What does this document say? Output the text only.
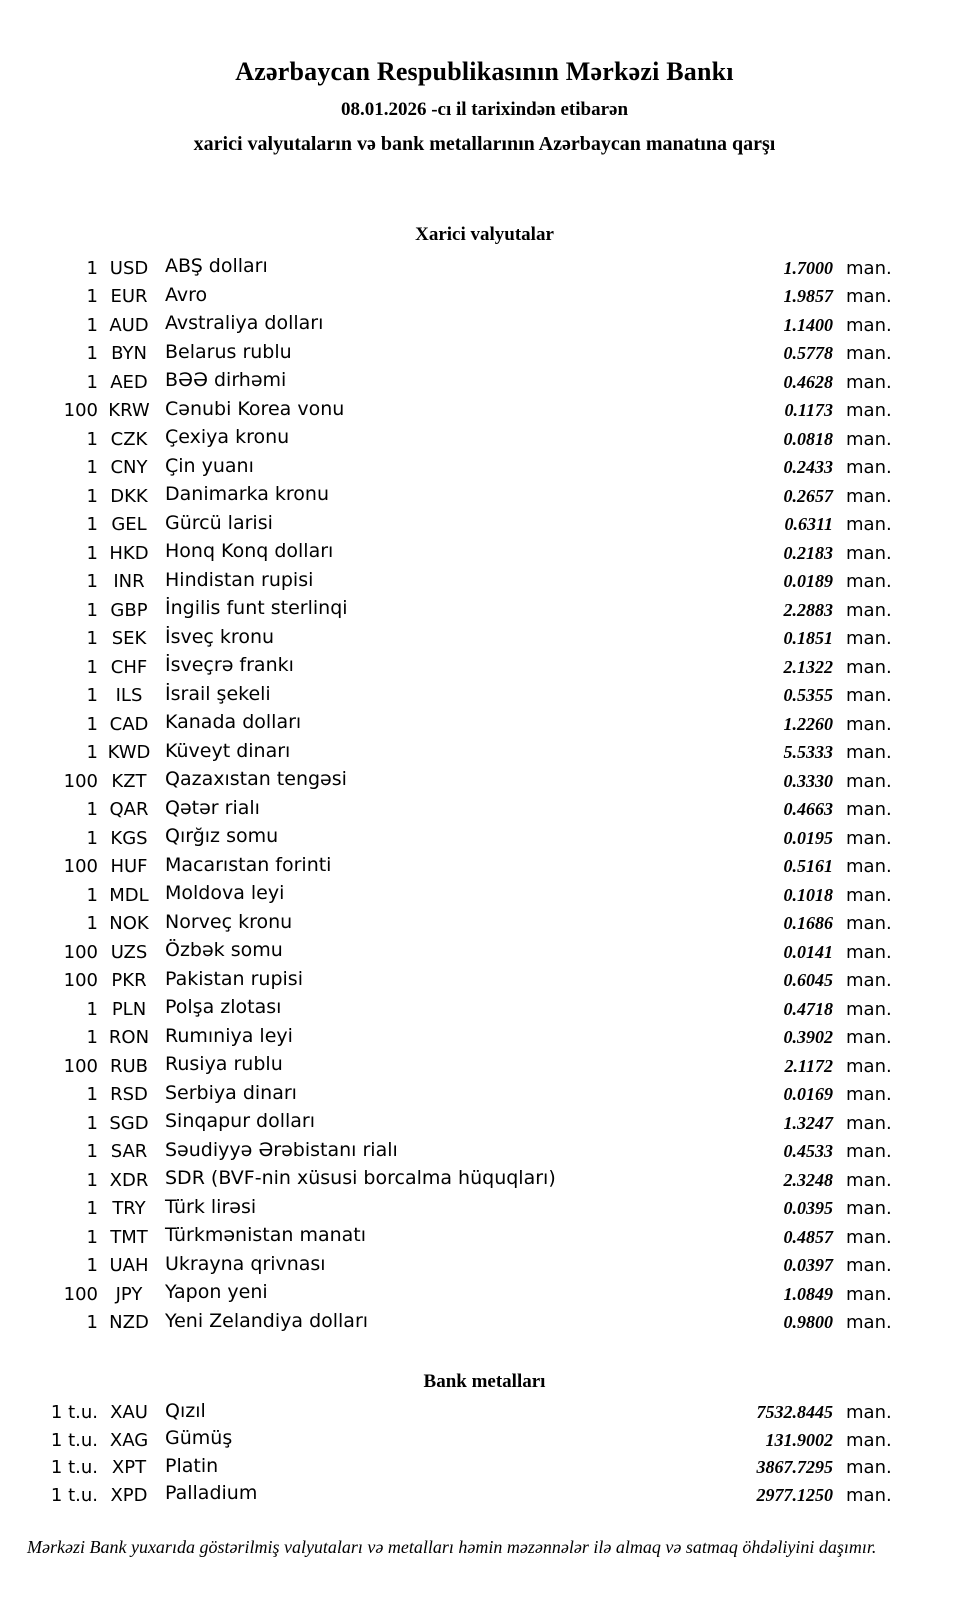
Azərbaycan Respublikasının Mərkəzi Bankı
08.01.2026 -cı il tarixindən etibarən
xarici valyutaların və bank metallarının Azərbaycan manatına qarşı
Xarici valyutalar
1 USD ABŞ dolları	1.7000 man.
1 EUR Avro	1.9857 man.
1 AUD Avstraliya dolları	1.1400 man.
1 BYN Belarus rublu	0.5778 man.
1 AED BƏƏ dirhəmi	0.4628 man.
100 KRW Cənubi Korea vonu	0.1173 man.
1 CZK Çexiya kronu	0.0818 man.
1 CNY Çin yuanı	0.2433 man.
1 DKK Danimarka kronu	0.2657 man.
1 GEL Gürcü larisi	0.6311 man.
1 HKD Honq Konq dolları	0.2183 man.
1 INR	Hindistan rupisi	0.0189 man.
1 GBP İngilis funt sterlinqi	2.2883 man.
1 SEK İsveç kronu	0.1851 man.
1 CHF İsveçrə frankı	2.1322 man.
1 ILS	İsrail şekeli	0.5355 man.
1 CAD Kanada dolları	1.2260 man.
1 KWD Küveyt dinarı	5.5333 man.
100 KZT Qazaxıstan tengəsi	0.3330 man.
1 QAR Qətər rialı	0.4663 man.
1 KGS Qırğız somu	0.0195 man.
100 HUF Macarıstan forinti	0.5161 man.
1 MDL Moldova leyi	0.1018 man.
1 NOK Norveç kronu	0.1686 man.
100 UZS Özbək somu	0.0141 man.
100 PKR Pakistan rupisi	0.6045 man.
1 PLN Polşa zlotası	0.4718 man.
1 RON Rumıniya leyi	0.3902 man.
100 RUB Rusiya rublu	2.1172 man.
1 RSD Serbiya dinarı	0.0169 man.
1 SGD Sinqapur dolları	1.3247 man.
1 SAR Səudiyyə Ərəbistanı rialı	0.4533 man.
1 XDR SDR (BVF-nin xüsusi borcalma hüquqları)	2.3248 man.
1 TRY	Türk lirəsi	0.0395 man.
1 TMT Türkmənistan manatı	0.4857 man.
1 UAH Ukrayna qrivnası	0.0397 man.
100 JPY	Yapon yeni	1.0849 man.
1 NZD Yeni Zelandiya dolları	0.9800 man.
Bank metalları
1 t.u. XAU Qızıl	7532.8445 man.
1 t.u. XAG Gümüş	131.9002 man.
1 t.u. XPT Platin	3867.7295 man.
1 t.u. XPD Palladium	2977.1250 man.
Mərkəzi Bank yuxarıda göstərilmiş valyutaları və metalları həmin məzənnələr ilə almaq və satmaq öhdəliyini daşımır.
